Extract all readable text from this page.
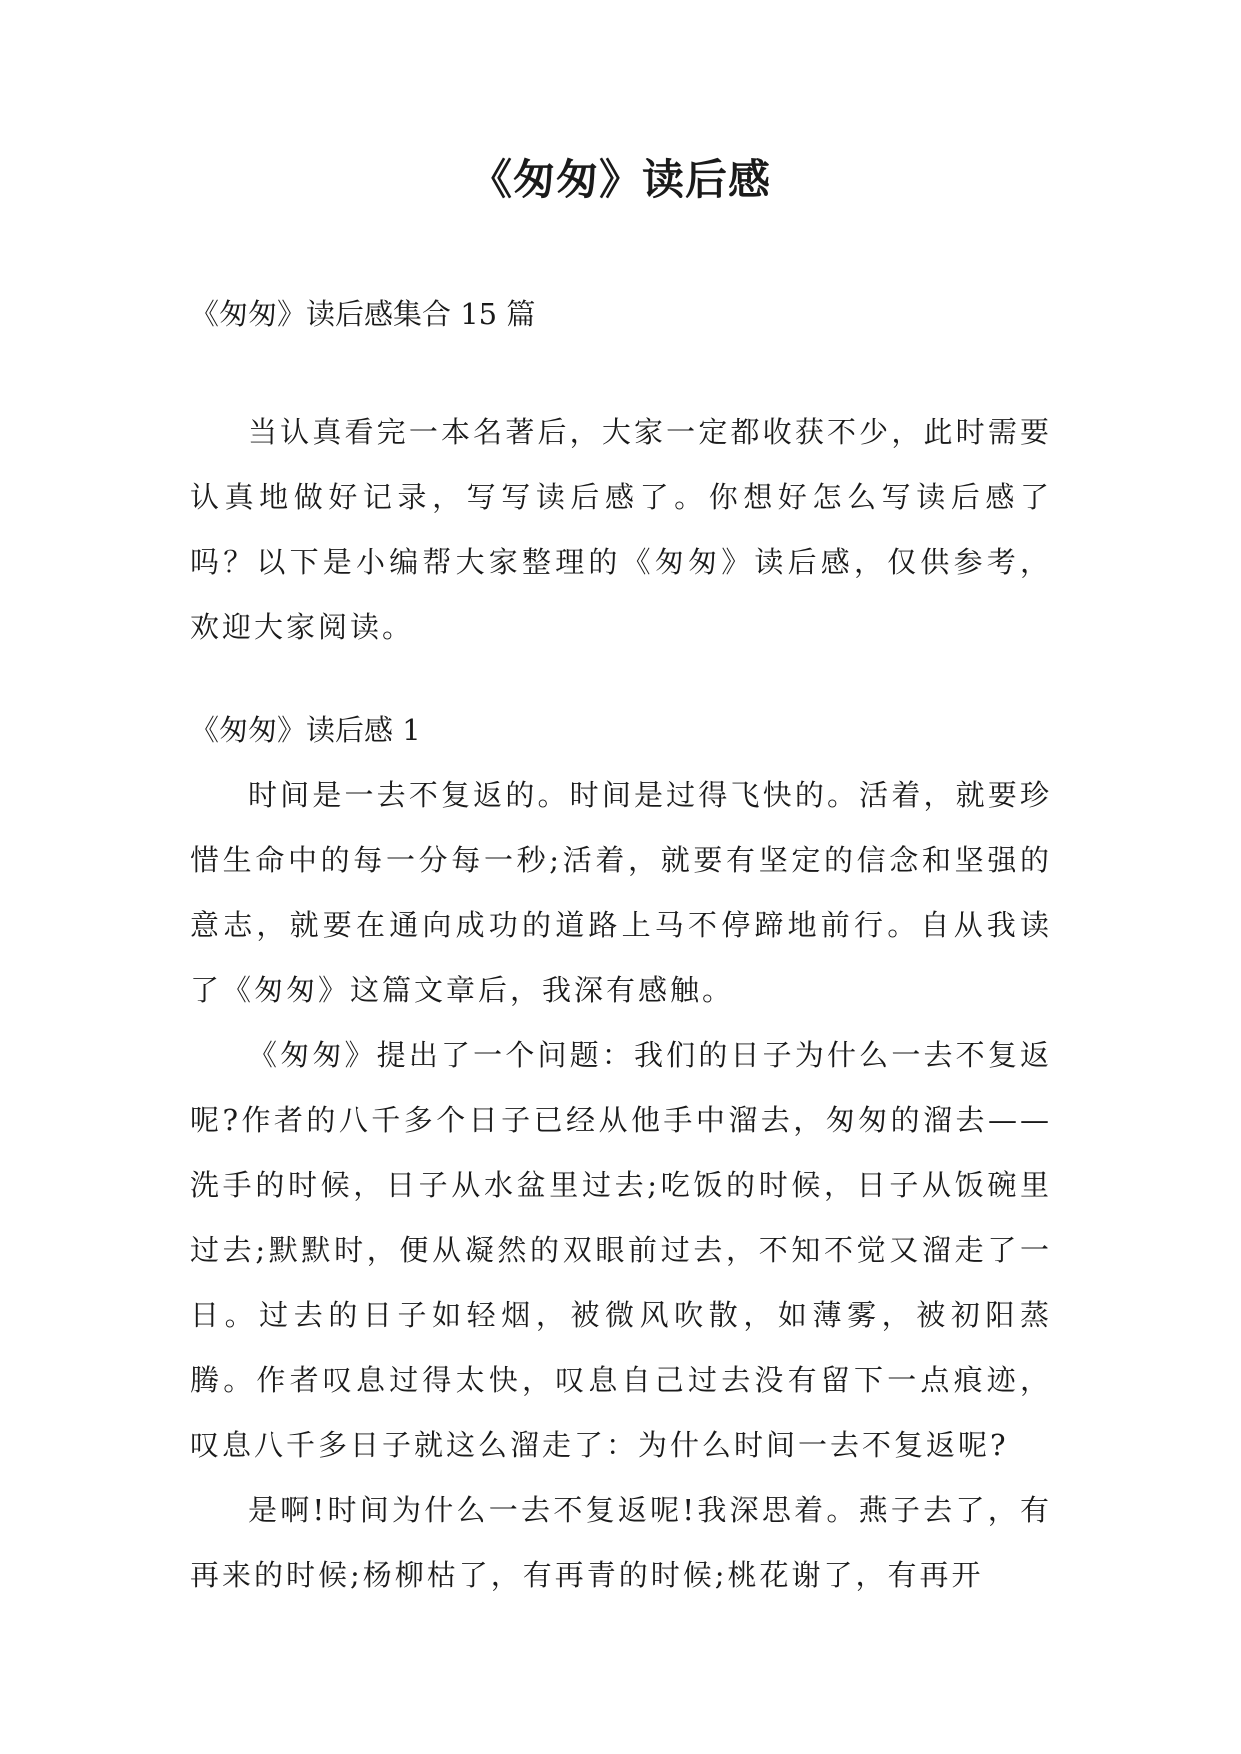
《匆匆》读后感
《匆匆》读后感集合 15 篇

当认真看完一本名著后，大家一定都收获不少，此时需要认真地做好记录，写写读后感了。你想好怎么写读后感了吗？以下是小编帮大家整理的《匆匆》读后感，仅供参考，欢迎大家阅读。

《匆匆》读后感 1

时间是一去不复返的。时间是过得飞快的。活着，就要珍惜生命中的每一分每一秒;活着，就要有坚定的信念和坚强的意志，就要在通向成功的道路上马不停蹄地前行。自从我读了《匆匆》这篇文章后，我深有感触。

《匆匆》提出了一个问题：我们的日子为什么一去不复返呢?作者的八千多个日子已经从他手中溜去，匆匆的溜去——洗手的时候，日子从水盆里过去;吃饭的时候，日子从饭碗里过去;默默时，便从凝然的双眼前过去，不知不觉又溜走了一日。过去的日子如轻烟，被微风吹散，如薄雾，被初阳蒸腾。作者叹息过得太快，叹息自己过去没有留下一点痕迹，叹息八千多日子就这么溜走了：为什么时间一去不复返呢?

是啊!时间为什么一去不复返呢!我深思着。燕子去了，有再来的时候;杨柳枯了，有再青的时候;桃花谢了，有再开
